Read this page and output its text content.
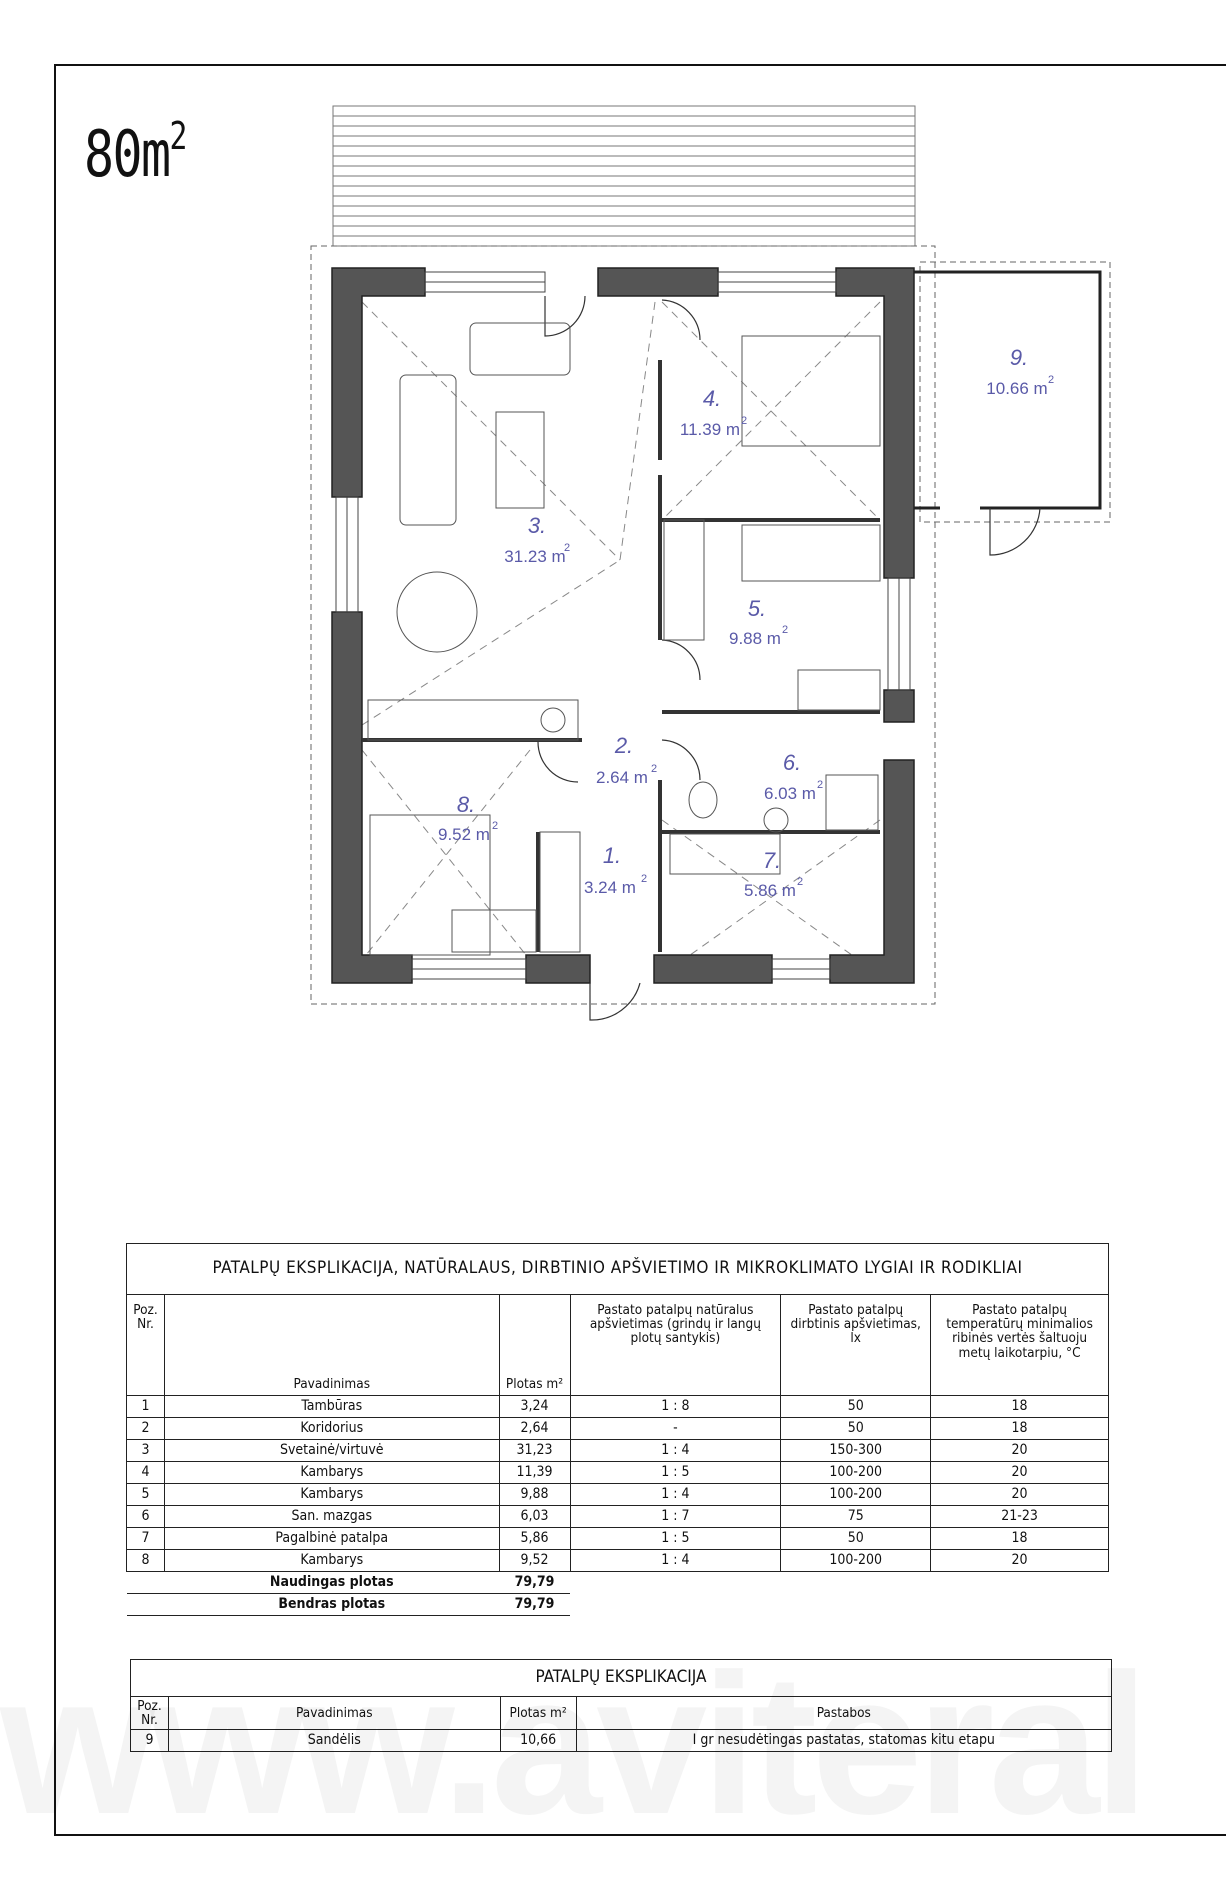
$80m^2$
1.
3.24 m 2
2.
2.64 m 2
3.
31.23 m
2
4.
11.39 m 2
5.
9.88 m 2
6.
6.03 m 2
7.
5.86 m 2
8.
9.52 m 2
9.
10.66 m 2
PATALPŲ EKSPLIKACIJA, NATŪRALAUS, DIRBTINIO APŠVIETIMO IR MIKROKLIMATO LYGIAI IR RODIKLIAI					
Poz. Nr.	Pavadinimas	Plotas m²	Pastato patalpų natūralus apšvietimas (grindų ir langų plotų santykis)	Pastato patalpų dirbtinis apšvietimas, lx	Pastato patalpų temperatūrų minimalios ribinės vertės šaltuoju metų laikotarpiu, °C
1	Tambūras	3,24	1 : 8	50	18
2	Koridorius	2,64	-	50	18
3	Svetainė/virtuvė	31,23	1 : 4	150-300	20
4	Kambarys	11,39	1 : 5	100-200	20
5	Kambarys	9,88	1 : 4	100-200	20
6	San. mazgas	6,03	1 : 7	75	21-23
7	Pagalbinė patalpa	5,86	1 : 5	50	18
8	Kambarys	9,52	1 : 4	100-200	20
	Naudingas plotas	79,79			
	Bendras plotas	79,79			
PATALPŲ EKSPLIKACIJA			
Poz. Nr.	Pavadinimas	Plotas m²	Pastabos
9	Sandėlis	10,66	I gr nesudėtingas pastatas, statomas kitu etapu
